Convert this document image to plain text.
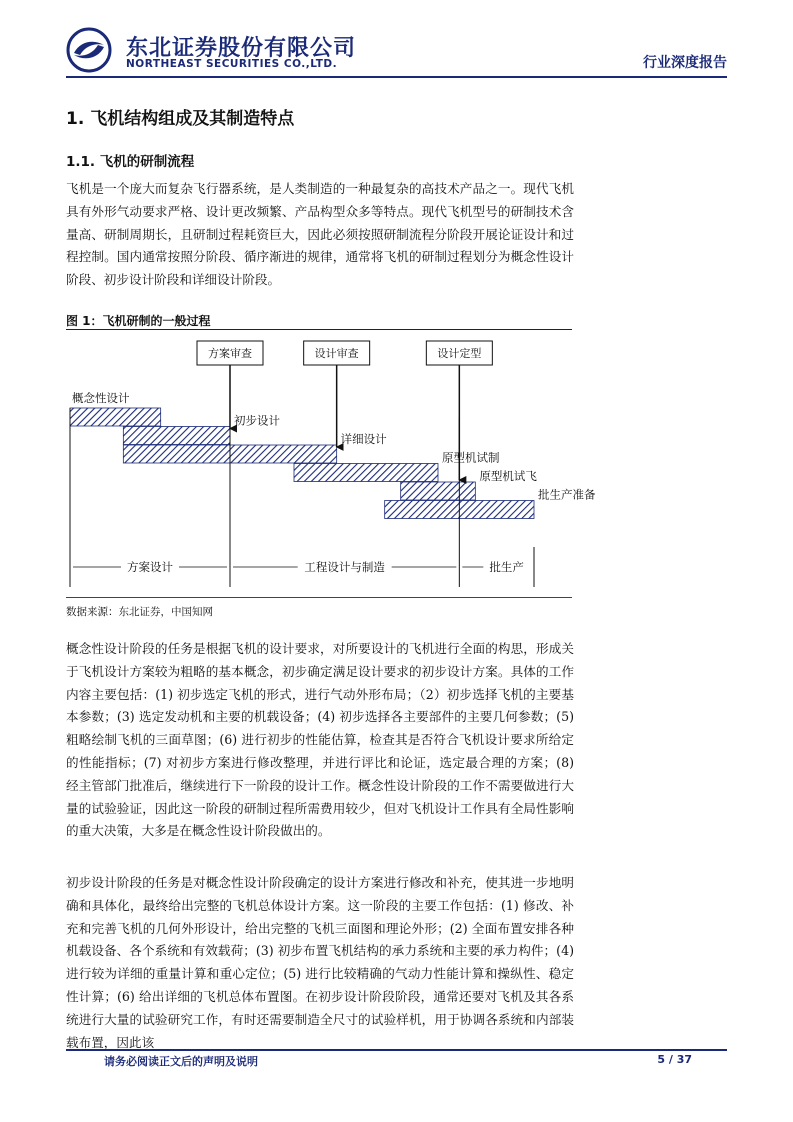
东北证券股份有限公司
NORTHEAST SECURITIES CO.,LTD.	行业深度报告
1. 飞机结构组成及其制造特点
1.1. 飞机的研制流程

飞机是一个庞大而复杂飞行器系统，是人类制造的一种最复杂的高技术产品之一。现代飞机具有外形气动要求严格、设计更改频繁、产品构型众多等特点。现代飞机型号的研制技术含量高、研制周期长，且研制过程耗资巨大，因此必须按照研制流程分阶段开展论证设计和过程控制。国内通常按照分阶段、循序渐进的规律，通常将飞机的研制过程划分为概念性设计阶段、初步设计阶段和详细设计阶段。

图 1：飞机研制的一般过程
概念性设计
初步设计
详细设计
原型机试制
原型机试飞
批生产准备
方案审查	设计审查	设计定型
方案设计	工程设计与制造	批生产
数据来源：东北证券，中国知网

概念性设计阶段的任务是根据飞机的设计要求，对所要设计的飞机进行全面的构思，形成关于飞机设计方案较为粗略的基本概念，初步确定满足设计要求的初步设计方案。具体的工作内容主要包括：(1) 初步选定飞机的形式，进行气动外形布局；（2）初步选择飞机的主要基本参数；(3) 选定发动机和主要的机载设备；(4) 初步选择各主要部件的主要几何参数；(5) 粗略绘制飞机的三面草图；(6) 进行初步的性能估算，检查其是否符合飞机设计要求所给定的性能指标；(7) 对初步方案进行修改整理，并进行评比和论证，选定最合理的方案；(8) 经主管部门批准后，继续进行下一阶段的设计工作。概念性设计阶段的工作不需要做进行大量的试验验证，因此这一阶段的研制过程所需费用较少，但对飞机设计工作具有全局性影响的重大决策，大多是在概念性设计阶段做出的。

初步设计阶段的任务是对概念性设计阶段确定的设计方案进行修改和补充，使其进一步地明确和具体化，最终给出完整的飞机总体设计方案。这一阶段的主要工作包括：(1) 修改、补充和完善飞机的几何外形设计，给出完整的飞机三面图和理论外形；(2) 全面布置安排各种机载设备、各个系统和有效载荷；(3) 初步布置飞机结构的承力系统和主要的承力构件；(4) 进行较为详细的重量计算和重心定位；(5) 进行比较精确的气动力性能计算和操纵性、稳定性计算；(6) 给出详细的飞机总体布置图。在初步设计阶段阶段，通常还要对飞机及其各系统进行大量的试验研究工作，有时还需要制造全尺寸的试验样机，用于协调各系统和内部装载布置，因此该

请务必阅读正文后的声明及说明	5 / 37
